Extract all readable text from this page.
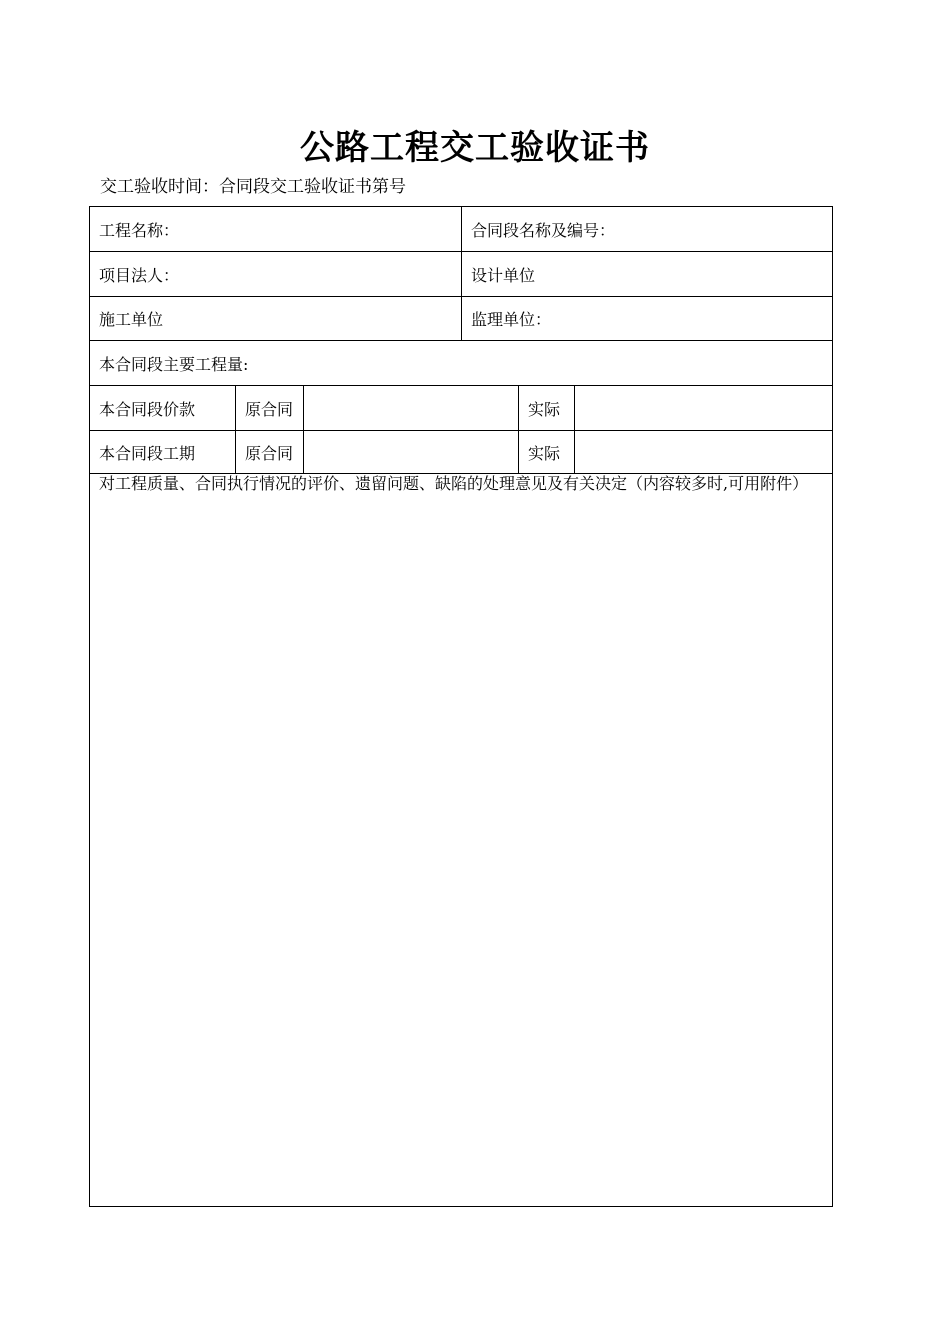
公路工程交工验收证书
交工验收时间：合同段交工验收证书第号
工程名称：	合同段名称及编号：
项目法人：	设计单位
施工单位	监理单位：
本合同段主要工程量:
本合同段价款	原合同	实际
本合同段工期	原合同	实际
对工程质量、合同执行情况的评价、遗留问题、缺陷的处理意见及有关决定（内容较多时,可用附件）
